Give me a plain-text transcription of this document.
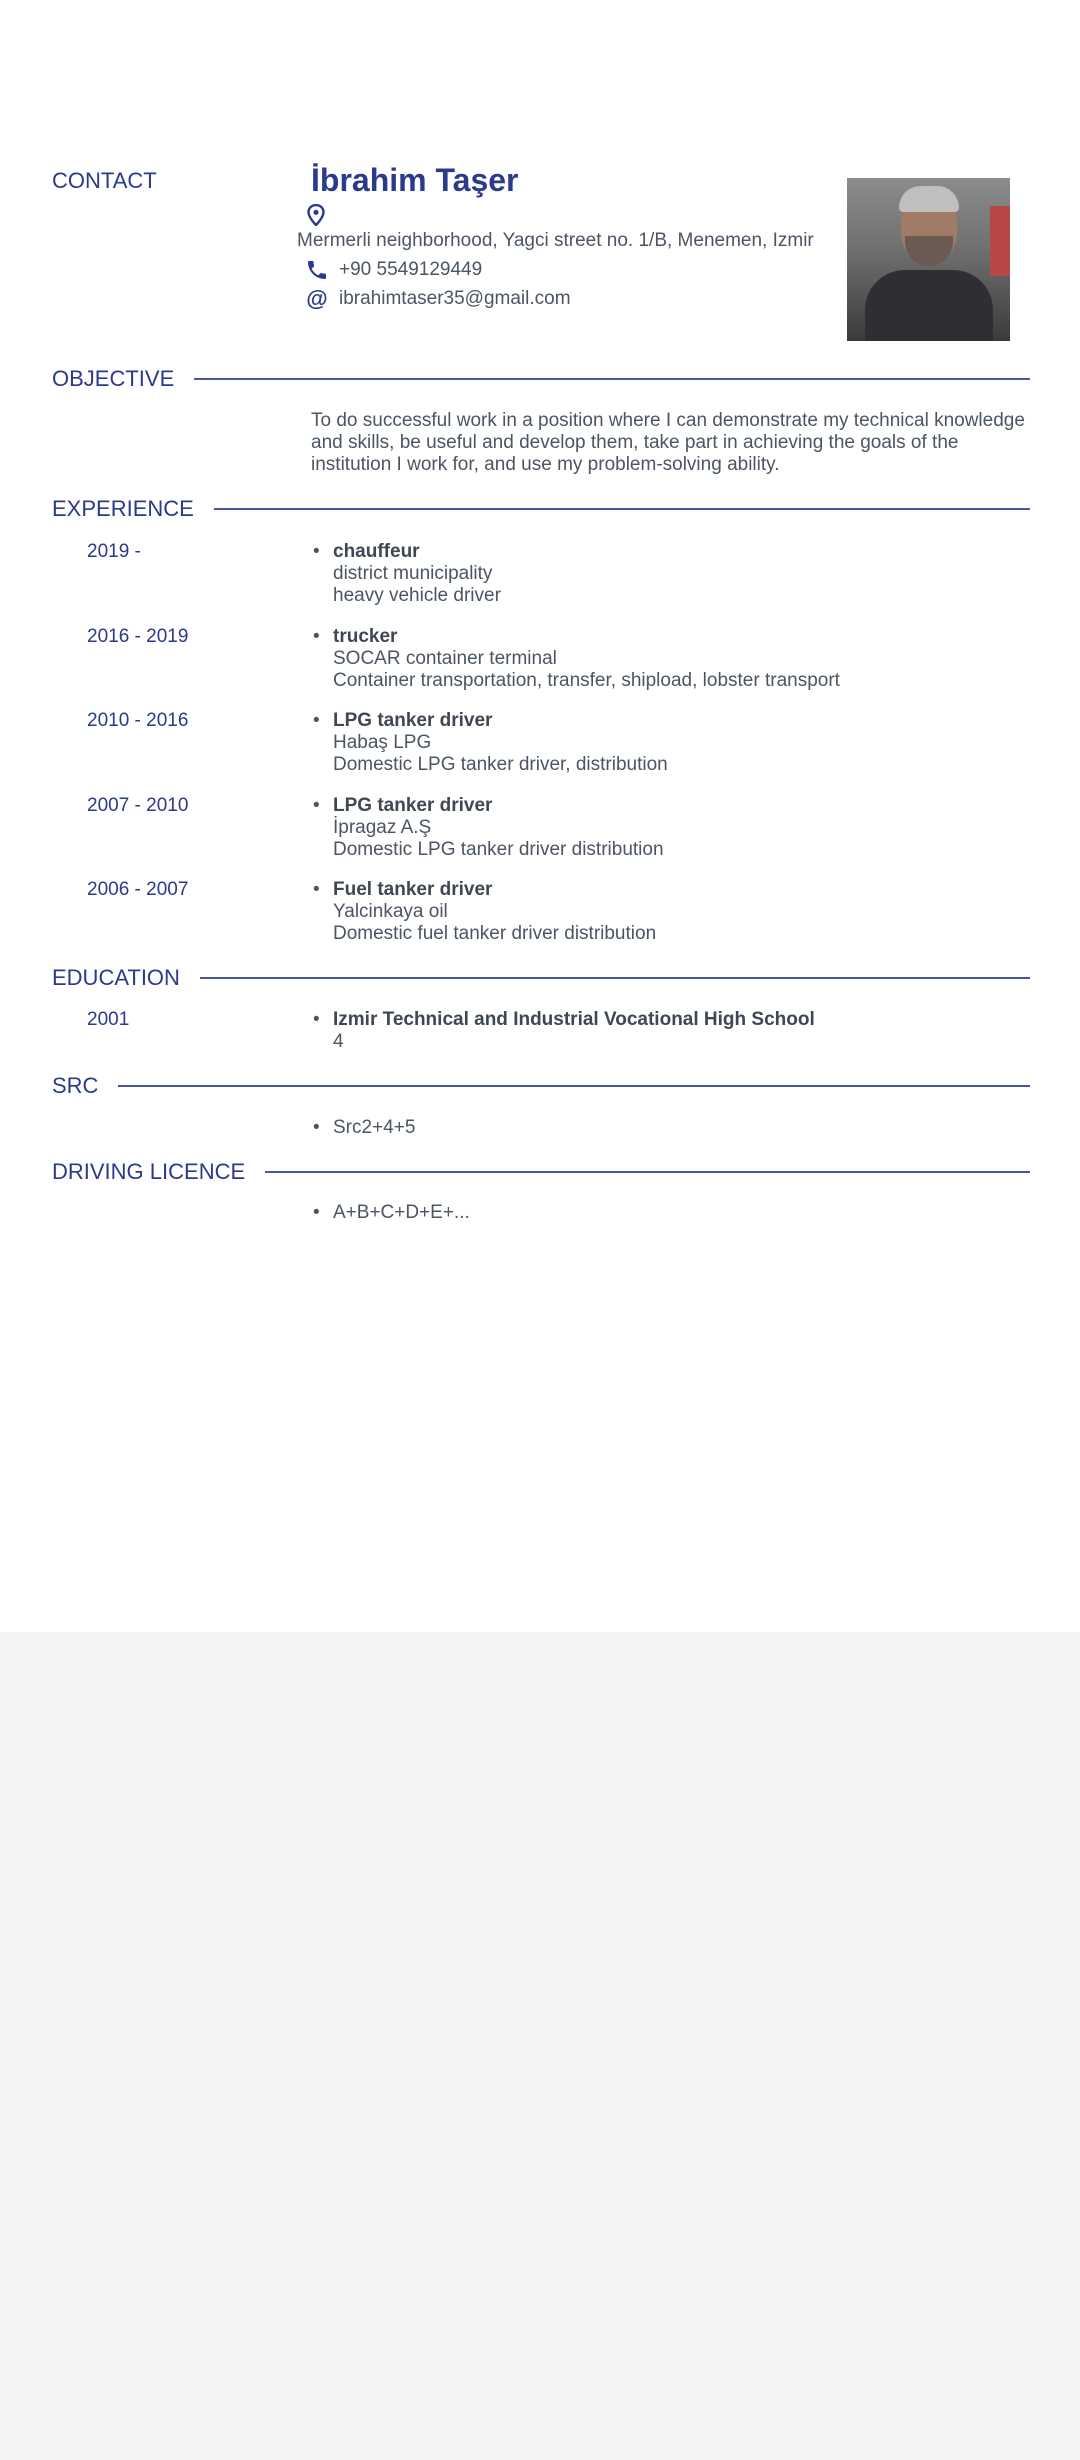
CONTACT	İbrahim Taşer
Mermerli neighborhood, Yagci street no. 1/B, Menemen, Izmir
+90 5549129449
@ ibrahimtaser35@gmail.com
OBJECTIVE
To do successful work in a position where I can demonstrate my technical knowledge and skills, be useful and develop them, take part in achieving the goals of the institution I work for, and use my problem-solving ability.
EXPERIENCE
2019 -	• chauffeur
district municipality
heavy vehicle driver
2016 - 2019	• trucker
SOCAR container terminal
Container transportation, transfer, shipload, lobster transport
2010 - 2016	• LPG tanker driver
Habaş LPG
Domestic LPG tanker driver, distribution
2007 - 2010	• LPG tanker driver
İpragaz A.Ş
Domestic LPG tanker driver distribution
2006 - 2007	• Fuel tanker driver
Yalcinkaya oil
Domestic fuel tanker driver distribution
EDUCATION
2001	• Izmir Technical and Industrial Vocational High School
4
SRC
• Src2+4+5
DRIVING LICENCE
• A+B+C+D+E+...
